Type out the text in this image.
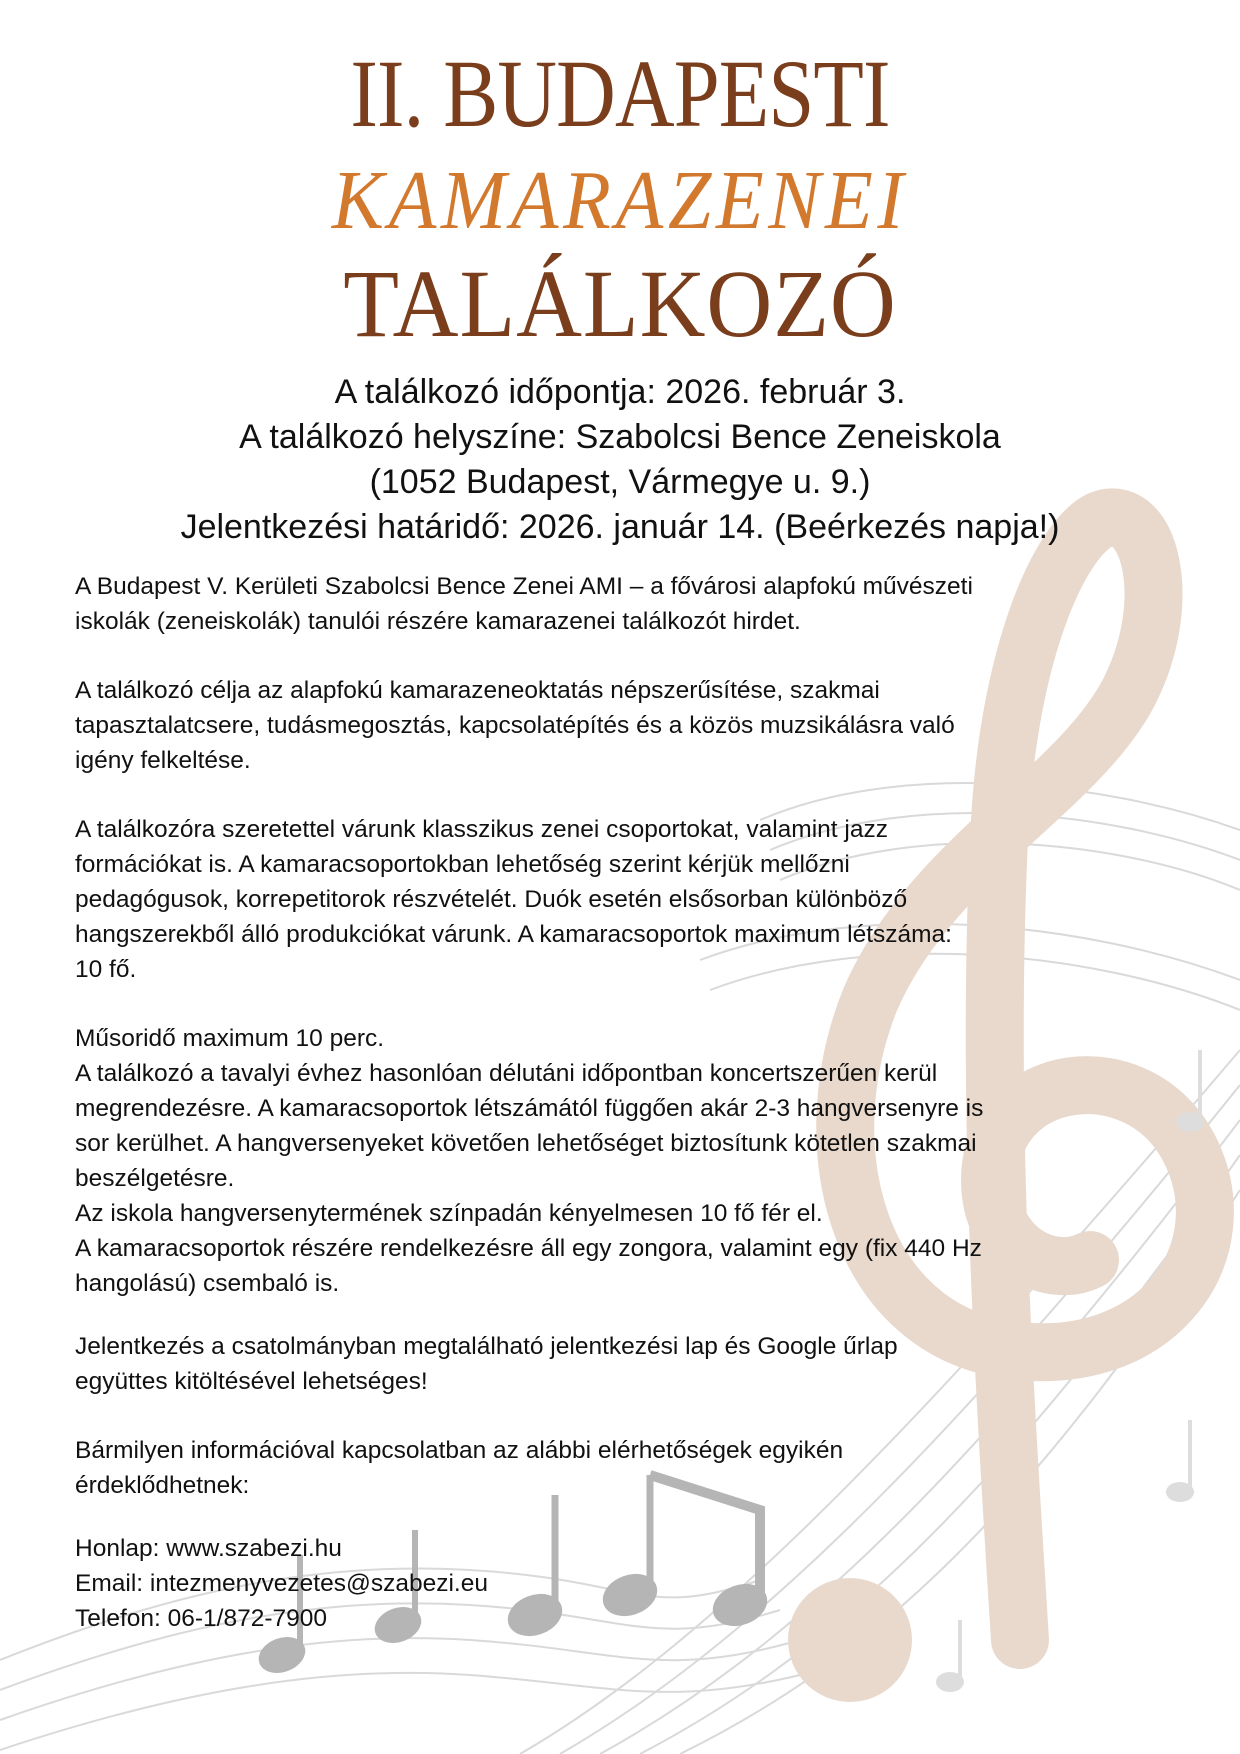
II. BUDAPESTI
KAMARAZENEI
TALÁLKOZÓ
A találkozó időpontja: 2026. február 3.
A találkozó helyszíne: Szabolcsi Bence Zeneiskola
(1052 Budapest, Vármegye u. 9.)
Jelentkezési határidő: 2026. január 14. (Beérkezés napja!)

A Budapest V. Kerületi Szabolcsi Bence Zenei AMI – a fővárosi alapfokú művészeti
iskolák (zeneiskolák) tanulói részére kamarazenei találkozót hirdet.

A találkozó célja az alapfokú kamarazeneoktatás népszerűsítése, szakmai
tapasztalatcsere, tudásmegosztás, kapcsolatépítés és a közös muzsikálásra való
igény felkeltése.

A találkozóra szeretettel várunk klasszikus zenei csoportokat, valamint jazz
formációkat is. A kamaracsoportokban lehetőség szerint kérjük mellőzni
pedagógusok, korrepetitorok részvételét. Duók esetén elsősorban különböző
hangszerekből álló produkciókat várunk. A kamaracsoportok maximum létszáma:
10 fő.

Műsoridő maximum 10 perc.
A találkozó a tavalyi évhez hasonlóan délutáni időpontban koncertszerűen kerül
megrendezésre. A kamaracsoportok létszámától függően akár 2-3 hangversenyre is
sor kerülhet. A hangversenyeket követően lehetőséget biztosítunk kötetlen szakmai
beszélgetésre.
Az iskola hangversenytermének színpadán kényelmesen 10 fő fér el.
A kamaracsoportok részére rendelkezésre áll egy zongora, valamint egy (fix 440 Hz
hangolású) csembaló is.

Jelentkezés a csatolmányban megtalálható jelentkezési lap és Google űrlap
együttes kitöltésével lehetséges!

Bármilyen információval kapcsolatban az alábbi elérhetőségek egyikén
érdeklődhetnek:

Honlap: www.szabezi.hu

Email: intezmenyvezetes@szabezi.eu

Telefon: 06-1/872-7900
